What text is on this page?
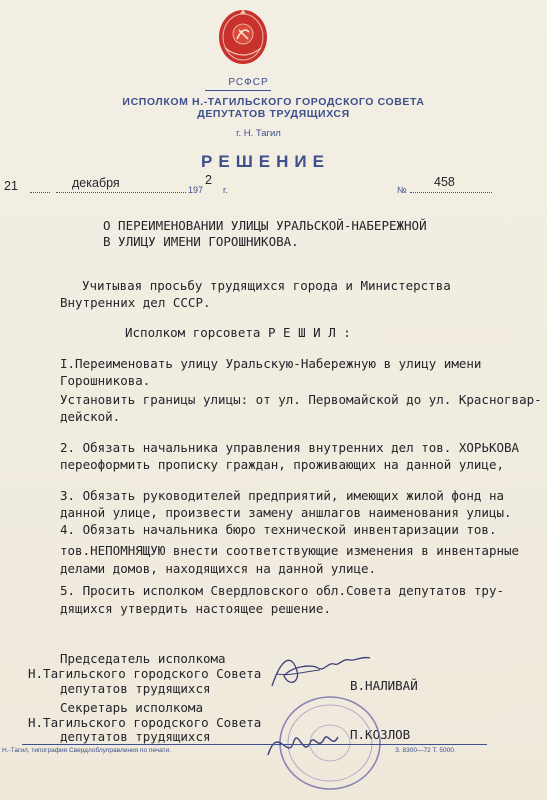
РСФСР
ИСПОЛКОМ Н.-ТАГИЛЬСКОГО ГОРОДСКОГО СОВЕТА
ДЕПУТАТОВ ТРУДЯЩИХСЯ
г. Н. Тагил
РЕШЕНИЕ
21	декабря	197
2
г.	№
458
О ПЕРЕИМЕНОВАНИИ УЛИЦЫ УРАЛЬСКОЙ-НАБЕРЕЖНОЙ
В УЛИЦУ ИМЕНИ ГОРОШНИКОВА.
Учитывая просьбу трудящихся города и Министерства
Внутренних дел СССР.
Исполком горсовета Р Е Ш И Л :
I.Переименовать улицу Уральскую-Набережную в улицу имени
Горошникова.
Установить границы улицы: от ул. Первомайской до ул. Красногвар-
дейской.
2. Обязать начальника управления внутренних дел тов. ХОРЬКОВА
переоформить прописку граждан, проживающих на данной улице,
3. Обязать руководителей предприятий, имеющих жилой фонд на
данной улице, произвести замену аншлагов наименования улицы.
4. Обязать начальника бюро технической инвентаризации тов.
тов.НЕПОМНЯЩУЮ внести соответствующие изменения в инвентарные
делами домов, находящихся на данной улице.
5. Просить исполком Свердловского обл.Совета депутатов тру-
дящихся утвердить настоящее решение.
Председатель исполкома
Н.Тагильского городского Совета
депутатов трудящихся	В.НАЛИВАЙ
Секретарь исполкома
Н.Тагильского городского Совета
депутатов трудящихся	П.КОЗЛОВ
Н.-Тагил, типография Свердлоблуправления по печати.	З. 8300—72 Т. 5000.
